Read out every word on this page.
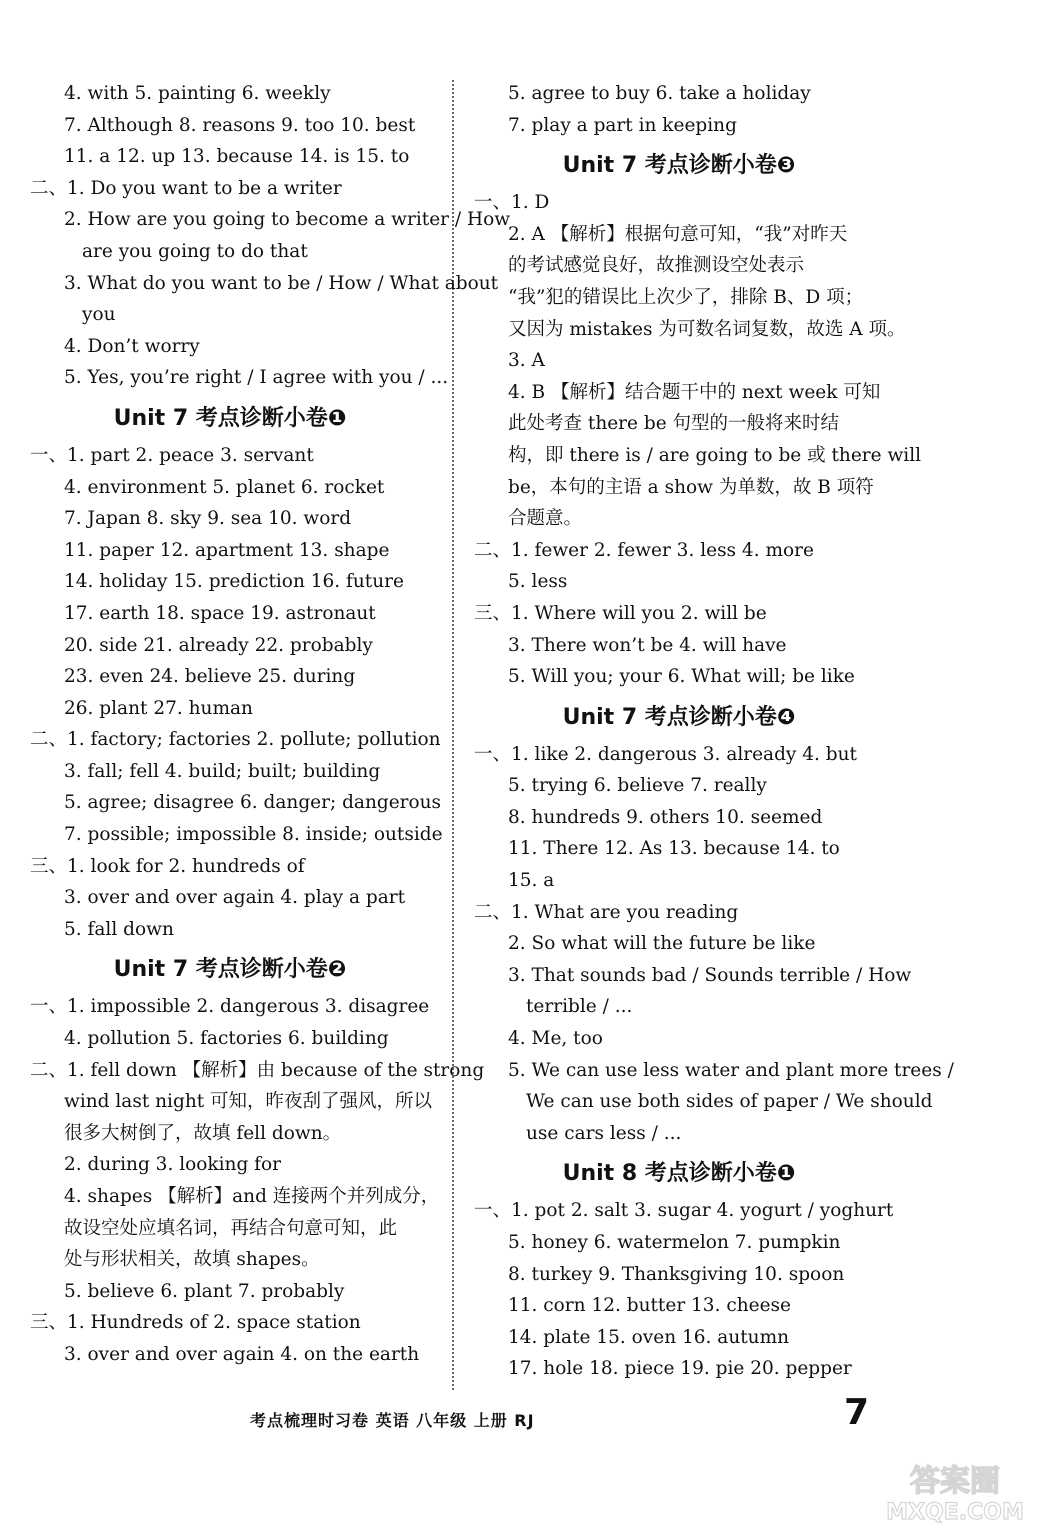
4. with 5. painting 6. weekly
7. Although 8. reasons 9. too 10. best
11. a 12. up 13. because 14. is 15. to
二、1. Do you want to be a writer
2. How are you going to become a writer / How
are you going to do that
3. What do you want to be / How / What about
you
4. Don’t worry
5. Yes, you’re right / I agree with you / ...
Unit 7 考点诊断小卷❶
一、1. part 2. peace 3. servant
4. environment 5. planet 6. rocket
7. Japan 8. sky 9. sea 10. word
11. paper 12. apartment 13. shape
14. holiday 15. prediction 16. future
17. earth 18. space 19. astronaut
20. side 21. already 22. probably
23. even 24. believe 25. during
26. plant 27. human
二、1. factory; factories 2. pollute; pollution
3. fall; fell 4. build; built; building
5. agree; disagree 6. danger; dangerous
7. possible; impossible 8. inside; outside
三、1. look for 2. hundreds of
3. over and over again 4. play a part
5. fall down
Unit 7 考点诊断小卷❷
一、1. impossible 2. dangerous 3. disagree
4. pollution 5. factories 6. building
二、1. fell down 【解析】由 because of the strong
wind last night 可知，昨夜刮了强风，所以
很多大树倒了，故填 fell down。
2. during 3. looking for
4. shapes 【解析】and 连接两个并列成分，
故设空处应填名词，再结合句意可知，此
处与形状相关，故填 shapes。
5. believe 6. plant 7. probably
三、1. Hundreds of 2. space station
3. over and over again 4. on the earth
5. agree to buy 6. take a holiday
7. play a part in keeping
Unit 7 考点诊断小卷❸
一、1. D
2. A 【解析】根据句意可知，“我”对昨天
的考试感觉良好，故推测设空处表示
“我”犯的错误比上次少了，排除 B、D 项；
又因为 mistakes 为可数名词复数，故选 A 项。
3. A
4. B 【解析】结合题干中的 next week 可知
此处考查 there be 句型的一般将来时结
构，即 there is / are going to be 或 there will
be，本句的主语 a show 为单数，故 B 项符
合题意。
二、1. fewer 2. fewer 3. less 4. more
5. less
三、1. Where will you 2. will be
3. There won’t be 4. will have
5. Will you; your 6. What will; be like
Unit 7 考点诊断小卷❹
一、1. like 2. dangerous 3. already 4. but
5. trying 6. believe 7. really
8. hundreds 9. others 10. seemed
11. There 12. As 13. because 14. to
15. a
二、1. What are you reading
2. So what will the future be like
3. That sounds bad / Sounds terrible / How
terrible / ...
4. Me, too
5. We can use less water and plant more trees /
We can use both sides of paper / We should
use cars less / ...
Unit 8 考点诊断小卷❶
一、1. pot 2. salt 3. sugar 4. yogurt / yoghurt
5. honey 6. watermelon 7. pumpkin
8. turkey 9. Thanksgiving 10. spoon
11. corn 12. butter 13. cheese
14. plate 15. oven 16. autumn
17. hole 18. piece 19. pie 20. pepper
考点梳理时习卷 英语 八年级 上册 RJ	7
答案圈
MXQE.COM
